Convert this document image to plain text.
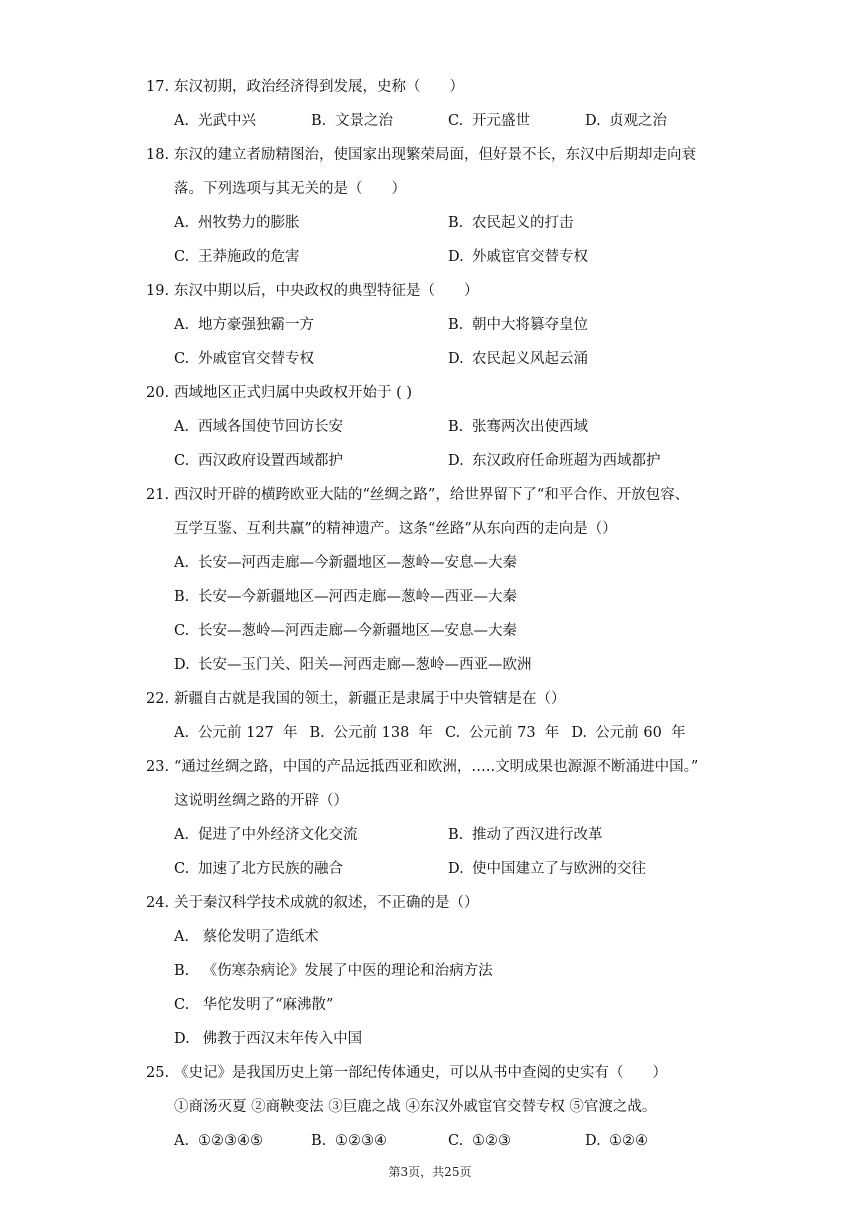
17. 东汉初期，政治经济得到发展，史称（　　）
A. 光武中兴	B. 文景之治	C. 开元盛世	D. 贞观之治
18. 东汉的建立者励精图治，使国家出现繁荣局面，但好景不长，东汉中后期却走向衰
落。下列选项与其无关的是（　　）
A. 州牧势力的膨胀	B. 农民起义的打击
C. 王莽施政的危害	D. 外戚宦官交替专权
19. 东汉中期以后，中央政权的典型特征是（　　）
A. 地方豪强独霸一方	B. 朝中大将篡夺皇位
C. 外戚宦官交替专权	D. 农民起义风起云涌
20. 西域地区正式归属中央政权开始于 ( )
A. 西域各国使节回访长安	B. 张骞两次出使西域
C. 西汉政府设置西域都护	D. 东汉政府任命班超为西域都护
21. 西汉时开辟的横跨欧亚大陆的“丝绸之路”，给世界留下了“和平合作、开放包容、
互学互鉴、互利共赢”的精神遗产。这条“丝路”从东向西的走向是（）
A. 长安—河西走廊—今新疆地区—葱岭—安息—大秦
B. 长安—今新疆地区—河西走廊—葱岭—西亚—大秦
C. 长安—葱岭—河西走廊—今新疆地区—安息—大秦
D. 长安—玉门关、阳关—河西走廊—葱岭—西亚—欧洲
22. 新疆自古就是我国的领土，新疆正是隶属于中央管辖是在（）
A. 公元前 127  年 B. 公元前 138  年 C. 公元前 73  年 D. 公元前 60  年
23. “通过丝绸之路，中国的产品远抵西亚和欧洲，…..文明成果也源源不断涌进中国。”
这说明丝绸之路的开辟（）
A. 促进了中外经济文化交流	B. 推动了西汉进行改革
C. 加速了北方民族的融合	D. 使中国建立了与欧洲的交往
24. 关于秦汉科学技术成就的叙述，不正确的是（）
A. 蔡伦发明了造纸术
B. 《伤寒杂病论》发展了中医的理论和治病方法
C. 华佗发明了“麻沸散”
D. 佛教于西汉末年传入中国
25. 《史记》是我国历史上第一部纪传体通史，可以从书中查阅的史实有（　　）
①商汤灭夏 ②商鞅变法 ③巨鹿之战 ④东汉外戚宦官交替专权 ⑤官渡之战。
A. ①②③④⑤	B. ①②③④	C. ①②③	D. ①②④
第3页，共25页
